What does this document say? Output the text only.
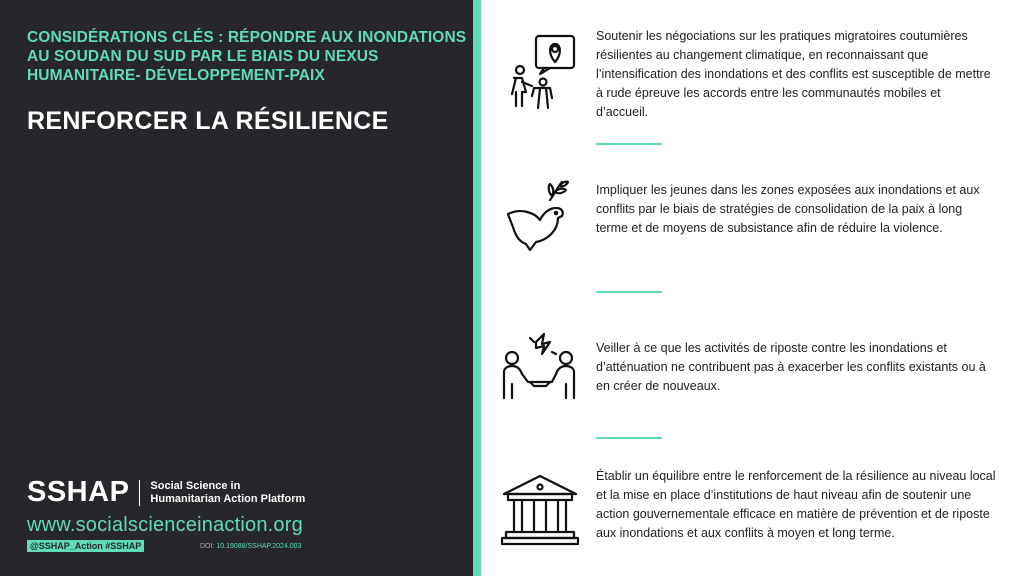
CONSIDÉRATIONS CLÉS : RÉPONDRE AUX INONDATIONS AU SOUDAN DU SUD PAR LE BIAIS DU NEXUS HUMANITAIRE- DÉVELOPPEMENT-PAIX
RENFORCER LA RÉSILIENCE
SSHAP Social Science in
Humanitarian Action Platform
www.socialscienceinaction.org
@SSHAP_Action #SSHAP	DOI: 10.19088/SSHAP.2024.003
Soutenir les négociations sur les pratiques migratoires coutumières résilientes au changement climatique, en reconnaissant que l’intensification des inondations et des conflits est susceptible de mettre à rude épreuve les accords entre les communautés mobiles et d’accueil.
Impliquer les jeunes dans les zones exposées aux inondations et aux conflits par le biais de stratégies de consolidation de la paix à long terme et de moyens de subsistance afin de réduire la violence.
Veiller à ce que les activités de riposte contre les inondations et d’atténuation ne contribuent pas à exacerber les conflits existants ou à en créer de nouveaux.
Établir un équilibre entre le renforcement de la résilience au niveau local et la mise en place d’institutions de haut niveau afin de soutenir une action gouvernementale efficace en matière de prévention et de riposte aux inondations et aux conflits à moyen et long terme.
